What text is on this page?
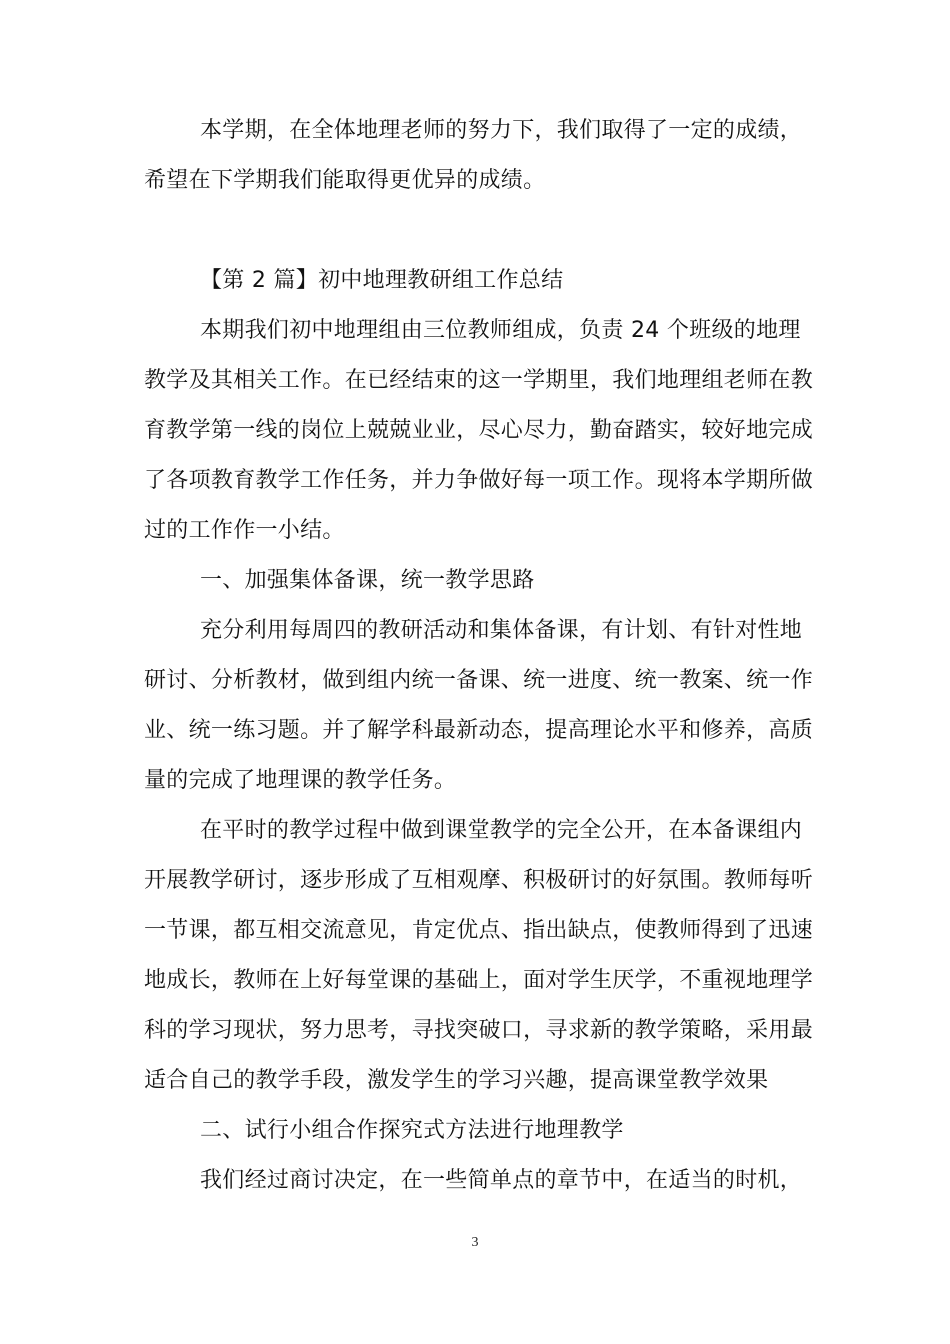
本学期，在全体地理老师的努力下，我们取得了一定的成绩，
希望在下学期我们能取得更优异的成绩。
【第 2 篇】初中地理教研组工作总结
本期我们初中地理组由三位教师组成，负责 24 个班级的地理
教学及其相关工作。在已经结束的这一学期里，我们地理组老师在教
育教学第一线的岗位上兢兢业业，尽心尽力，勤奋踏实，较好地完成
了各项教育教学工作任务，并力争做好每一项工作。现将本学期所做
过的工作作一小结。
一、加强集体备课，统一教学思路
充分利用每周四的教研活动和集体备课，有计划、有针对性地
研讨、分析教材，做到组内统一备课、统一进度、统一教案、统一作
业、统一练习题。并了解学科最新动态，提高理论水平和修养，高质
量的完成了地理课的教学任务。
在平时的教学过程中做到课堂教学的完全公开，在本备课组内
开展教学研讨，逐步形成了互相观摩、积极研讨的好氛围。教师每听
一节课，都互相交流意见，肯定优点、指出缺点，使教师得到了迅速
地成长，教师在上好每堂课的基础上，面对学生厌学，不重视地理学
科的学习现状，努力思考，寻找突破口，寻求新的教学策略，采用最
适合自己的教学手段，激发学生的学习兴趣，提高课堂教学效果
二、试行小组合作探究式方法进行地理教学
我们经过商讨决定，在一些简单点的章节中，在适当的时机，
3
